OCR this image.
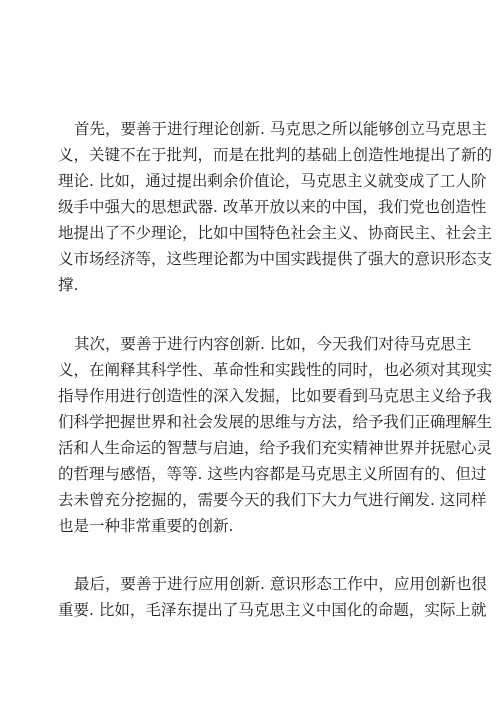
首先，要善于进行理论创新. 马克思之所以能够创立马克思主
义，关键不在于批判，而是在批判的基础上创造性地提出了新的
理论. 比如，通过提出剩余价值论，马克思主义就变成了工人阶
级手中强大的思想武器. 改革开放以来的中国，我们党也创造性
地提出了不少理论，比如中国特色社会主义、协商民主、社会主
义市场经济等，这些理论都为中国实践提供了强大的意识形态支
撑.
其次，要善于进行内容创新. 比如，今天我们对待马克思主
义，在阐释其科学性、革命性和实践性的同时，也必须对其现实
指导作用进行创造性的深入发掘，比如要看到马克思主义给予我
们科学把握世界和社会发展的思维与方法，给予我们正确理解生
活和人生命运的智慧与启迪，给予我们充实精神世界并抚慰心灵
的哲理与感悟，等等. 这些内容都是马克思主义所固有的、但过
去未曾充分挖掘的，需要今天的我们下大力气进行阐发. 这同样
也是一种非常重要的创新.
最后，要善于进行应用创新. 意识形态工作中，应用创新也很
重要. 比如，毛泽东提出了马克思主义中国化的命题，实际上就
